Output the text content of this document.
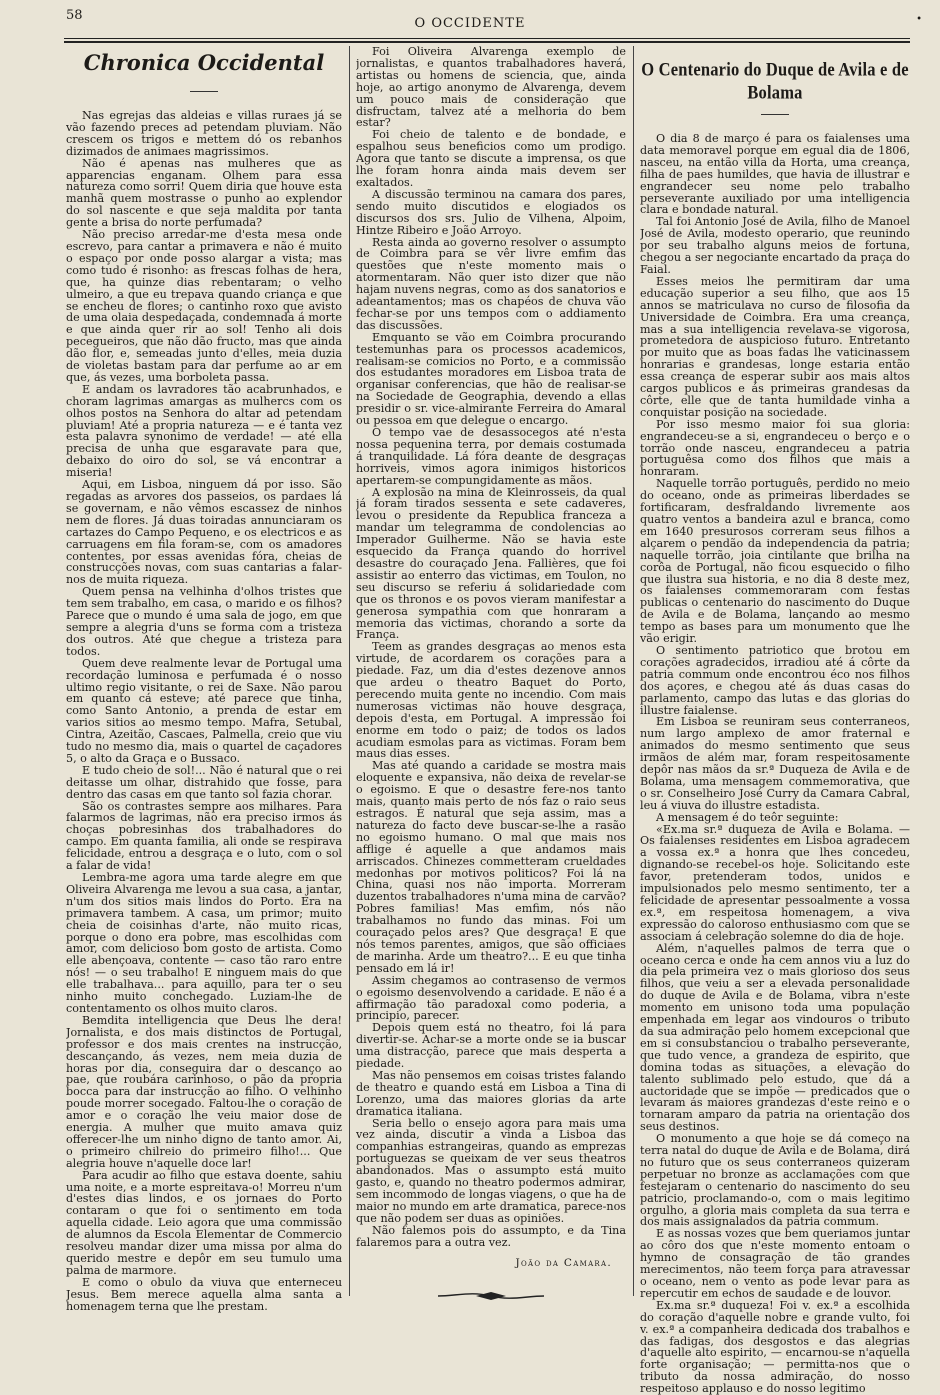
58
O OCCIDENTE	•
Chronica Occidental

Nas egrejas das aldeias e villas ruraes já se vão fazendo preces ad petendam pluviam. Não crescem os trigos e mettem dó os rebanhos dizimados de animaes magrissimos.

Não é apenas nas mulheres que as apparencias enganam. Olhem para essa natureza como sorri! Quem diria que houve esta manhã quem mostrasse o punho ao explendor do sol nascente e que seja maldita por tanta gente a brisa do norte perfumada?

Não preciso arredar-me d'esta mesa onde escrevo, para cantar a primavera e não é muito o espaço por onde posso alargar a vista; mas como tudo é risonho: as frescas folhas de hera, que, ha quinze dias rebentaram; o velho ulmeiro, a que eu trepava quando criança e que se encheu de flores; o cantinho roxo que avisto de uma olaia despedaçada, condemnada á morte e que ainda quer rir ao sol! Tenho ali dois pecegueiros, que não dão fructo, mas que ainda dão flor, e, semeadas junto d'elles, meia duzia de violetas bastam para dar perfume ao ar em que, ás vezes, uma borboleta passa.

E andam os lavradores tão acabrunhados, e choram lagrimas amargas as mulhercs com os olhos postos na Senhora do altar ad petendam pluviam! Até a propria natureza — e é tanta vez esta palavra synonimo de verdade! — até ella precisa de unha que esgaravate para que, debaixo do oiro do sol, se vá encontrar a miseria!

Aqui, em Lisboa, ninguem dá por isso. São regadas as arvores dos passeios, os pardaes lá se governam, e não vêmos escassez de ninhos nem de flores. Já duas toiradas annunciaram os cartazes do Campo Pequeno, e os electricos e as carruagens em fila foram-se, com os amadores contentes, por essas avenidas fóra, cheias de construcções novas, com suas cantarias a falar-nos de muita riqueza.

Quem pensa na velhinha d'olhos tristes que tem sem trabalho, em casa, o marido e os filhos? Parece que o mundo é uma sala de jogo, em que sempre a alegria d'uns se forma com a tristeza dos outros. Até que chegue a tristeza para todos.

Quem deve realmente levar de Portugal uma recordação luminosa e perfumada é o nosso ultimo regio visitante, o rei de Saxe. Não parou em quanto cá esteve; até parece que tinha, como Santo Antonio, a prenda de estar em varios sitios ao mesmo tempo. Mafra, Setubal, Cintra, Azeitão, Cascaes, Palmella, creio que viu tudo no mesmo dia, mais o quartel de caçadores 5, o alto da Graça e o Bussaco.

E tudo cheio de sol!... Não é natural que o rei deitasse um olhar, distrahido que fosse, para dentro das casas em que tanto sol fazia chorar.

São os contrastes sempre aos milhares. Para falarmos de lagrimas, não era preciso irmos ás choças pobresinhas dos trabalhadores do campo. Em quanta familia, ali onde se respirava felicidade, entrou a desgraça e o luto, com o sol a falar de vida!

Lembra-me agora uma tarde alegre em que Oliveira Alvarenga me levou a sua casa, a jantar, n'um dos sitios mais lindos do Porto. Era na primavera tambem. A casa, um primor; muito cheia de coisinhas d'arte, não muito ricas, porque o dono era pobre, mas escolhidas com amor, com delicioso bom gosto de artista. Como elle abençoava, contente — caso tão raro entre nós! — o seu trabalho! E ninguem mais do que elle trabalhava... para aquillo, para ter o seu ninho muito conchegado. Luziam-lhe de contentamento os olhos muito claros.

Bemdita intelligencia que Deus lhe dera! Jornalista, e dos mais distinctos de Portugal, professor e dos mais crentes na instrucção, descançando, ás vezes, nem meia duzia de horas por dia, conseguira dar o descanço ao pae, que roubára carinhoso, o pão da propria bocca para dar instrucção ao filho. O velhinho poude morrer socegado. Faltou-lhe o coração de amor e o coração lhe veiu maior dose de energia. A mulher que muito amava quiz offerecer-lhe um ninho digno de tanto amor. Ai, o primeiro chilreio do primeiro filho!... Que alegria houve n'aquelle doce lar!

Para acudir ao filho que estava doente, sahiu uma noite, e a morte espreitava-o! Morreu n'um d'estes dias lindos, e os jornaes do Porto contaram o que foi o sentimento em toda aquella cidade. Leio agora que uma commissão de alumnos da Escola Elementar de Commercio resolveu mandar dizer uma missa por alma do querido mestre e depôr em seu tumulo uma palma de marmore.

E como o obulo da viuva que enterneceu Jesus. Bem merece aquella alma santa a homenagem terna que lhe prestam.

Foi Oliveira Alvarenga exemplo de jornalistas, e quantos trabalhadores haverá, artistas ou homens de sciencia, que, ainda hoje, ao artigo anonymo de Alvarenga, devem um pouco mais de consideração que disfructam, talvez até a melhoria do bem estar?

Foi cheio de talento e de bondade, e espalhou seus beneficios como um prodigo. Agora que tanto se discute a imprensa, os que lhe foram honra ainda mais devem ser exaltados.

A discussão terminou na camara dos pares, sendo muito discutidos e elogiados os discursos dos srs. Julio de Vilhena, Alpoim, Hintze Ribeiro e João Arroyo.

Resta ainda ao governo resolver o assumpto de Coimbra para se vêr livre emfim das questões que n'este momento mais o atormentaram. Não quer isto dizer que não hajam nuvens negras, como as dos sanatorios e adeantamentos; mas os chapéos de chuva vão fechar-se por uns tempos com o addiamento das discussões.

Emquanto se vão em Coimbra procurando testemunhas para os processos academicos, realisam-se comicios no Porto, e a commissão dos estudantes moradores em Lisboa trata de organisar conferencias, que hão de realisar-se na Sociedade de Geographia, devendo a ellas presidir o sr. vice-almirante Ferreira do Amaral ou pessoa em que delegue o encargo.

O tempo vae de desassocegos até n'esta nossa pequenina terra, por demais costumada á tranquilidade. Lá fóra deante de desgraças horriveis, vimos agora inimigos historicos apertarem-se compungidamente as mãos.

A explosão na mina de Kleinrosseis, da qual já foram tirados sessenta e sete cadaveres, levou o presidente da Republica franceza a mandar um telegramma de condolencias ao Imperador Guilherme. Não se havia este esquecido da França quando do horrivel desastre do couraçado Jena. Fallières, que foi assistir ao enterro das victimas, em Toulon, no seu discurso se referiu á solidariedade com que os thronos e os povos vieram manifestar a generosa sympathia com que honraram a memoria das victimas, chorando a sorte da França.

Teem as grandes desgraças ao menos esta virtude, de acordarem os corações para a piedade. Faz, um dia d'estes dezenove annos que ardeu o theatro Baquet do Porto, perecendo muita gente no incendio. Com mais numerosas victimas não houve desgraça, depois d'esta, em Portugal. A impressão foi enorme em todo o paiz; de todos os lados acudiam esmolas para as victimas. Foram bem maus dias esses.

Mas até quando a caridade se mostra mais eloquente e expansiva, não deixa de revelar-se o egoismo. E que o desastre fere-nos tanto mais, quanto mais perto de nós faz o raio seus estragos. É natural que seja assim, mas a natureza do facto deve buscar-se-lhe a rasão no egoismo humano. O mal que mais nos afflige é aquelle a que andamos mais arriscados. Chinezes commetteram crueldades medonhas por motivos politicos? Foi lá na China, quasi nos não importa. Morreram duzentos trabalhadores n'uma mina de carvão? Pobres familias! Mas emfim, nós não trabalhamos no fundo das minas. Foi um couraçado pelos ares? Que desgraça! E que nós temos parentes, amigos, que são officiaes de marinha. Arde um theatro?... E eu que tinha pensado em lá ir!

Assim chegamos ao contrasenso de vermos o egoismo desenvolvendo a caridade. E não é a affirmação tão paradoxal como poderia, a principio, parecer.

Depois quem está no theatro, foi lá para divertir-se. Achar-se a morte onde se ia buscar uma distracção, parece que mais desperta a piedade.

Mas não pensemos em coisas tristes falando de theatro e quando está em Lisboa a Tina di Lorenzo, uma das maiores glorias da arte dramatica italiana.

Seria bello o ensejo agora para mais uma vez ainda, discutir a vinda a Lisboa das companhias estrangeiras, quando as emprezas portuguezas se queixam de ver seus theatros abandonados. Mas o assumpto está muito gasto, e, quando no theatro podermos admirar, sem incommodo de longas viagens, o que ha de maior no mundo em arte dramatica, parece-nos que não podem ser duas as opiniões.

Não falemos pois do assumpto, e da Tina falaremos para a outra vez.

João da Camara.
O Centenario do Duque de Avila e de Bolama

O dia 8 de março é para os faialenses uma data memoravel porque em egual dia de 1806, nasceu, na então villa da Horta, uma creança, filha de paes humildes, que havia de illustrar e engrandecer seu nome pelo trabalho perseverante auxiliado por uma intelligencia clara e bondade natural.

Tal foi Antonio José de Avila, filho de Manoel José de Avila, modesto operario, que reunindo por seu trabalho alguns meios de fortuna, chegou a ser negociante encartado da praça do Faial.

Esses meios lhe permitiram dar uma educação superior a seu filho, que aos 15 annos se matriculava no curso de filosofia da Universidade de Coimbra. Era uma creança, mas a sua intelligencia revelava-se vigorosa, prometedora de auspicioso futuro. Entretanto por muito que as boas fadas lhe vaticinassem honrarias e grandesas, longe estaria então essa creança de esperar subir aos mais altos cargos publicos e ás primeiras grandesas da côrte, elle que de tanta humildade vinha a conquistar posição na sociedade.

Por isso mesmo maior foi sua gloria: engrandeceu-se a si, engrandeceu o berço e o torrão onde nasceu, engrandeceu a patria portuguêsa como dos filhos que mais a honraram.

Naquelle torrão português, perdido no meio do oceano, onde as primeiras liberdades se fortificaram, desfraldando livremente aos quatro ventos a bandeira azul e branca, como em 1640 presurosos correram seus filhos a alçarem o pendão da independencia da patria; naquelle torrão, joia cintilante que brilha na corôa de Portugal, não ficou esquecido o filho que ilustra sua historia, e no dia 8 deste mez, os faialenses commemoraram com festas publicas o centenario do nascimento do Duque de Avila e de Bolama, lançando ao mesmo tempo as bases para um monumento que lhe vão erigir.

O sentimento patriotico que brotou em corações agradecidos, irradiou até á côrte da patria commum onde encontrou éco nos filhos dos açores, e chegou até ás duas casas do parlamento, campo das lutas e das glorias do illustre faialense.

Em Lisboa se reuniram seus conterraneos, num largo amplexo de amor fraternal e animados do mesmo sentimento que seus irmãos de além mar, foram respeitosamente depôr nas mãos da sr.ª Duqueza de Avila e de Bolama, uma mensagem commemorativa, que o sr. Conselheiro José Curry da Camara Cabral, leu á viuva do illustre estadista.

A mensagem é do teôr seguinte:

«Ex.ma sr.ª duqueza de Avila e Bolama. — Os faialenses residentes em Lisboa agradecem a vossa ex.ª a honra que lhes concedeu, dignando-se recebel-os hoje. Solicitando este favor, pretenderam todos, unidos e impulsionados pelo mesmo sentimento, ter a felicidade de apresentar pessoalmente a vossa ex.ª, em respeitosa homenagem, a viva expressão do caloroso enthusiasmo com que se associam á celebração solemne do dia de hoje.

Além, n'aquelles palmos de terra que o oceano cerca e onde ha cem annos viu a luz do dia pela primeira vez o mais glorioso dos seus filhos, que veiu a ser a elevada personalidade do duque de Avila e de Bolama, vibra n'este momento em unisono toda uma população empenhada em legar aos vindouros o tributo da sua admiração pelo homem excepcional que em si consubstanciou o trabalho perseverante, que tudo vence, a grandeza de espirito, que domina todas as situações, a elevação do talento sublimado pelo estudo, que dá a auctoridade que se impõe — predicados que o levaram ás maiores grandezas d'este reino e o tornaram amparo da patria na orientação dos seus destinos.

O monumento a que hoje se dá começo na terra natal do duque de Avila e de Bolama, dirá no futuro que os seus conterraneos quizeram perpetuar no bronze as acclamações com que festejaram o centenario do nascimento do seu patricio, proclamando-o, com o mais legitimo orgulho, a gloria mais completa da sua terra e dos mais assignalados da patria commum.

E as nossas vozes que bem queriamos juntar ao côro dos que n'este momento entoam o hymno de consagração de tão grandes merecimentos, não teem força para atravessar o oceano, nem o vento as pode levar para as repercutir em echos de saudade e de louvor.

Ex.ma sr.ª duqueza! Foi v. ex.ª a escolhida do coração d'aquelle nobre e grande vulto, foi v. ex.ª a companheira dedicada dos trabalhos e das fadigas, dos desgostos e das alegrias d'aquelle alto espirito, — encarnou-se n'aquella forte organisação; — permitta-nos que o tributo da nossa admiração, do nosso respeitoso applauso e do nosso legitimo
